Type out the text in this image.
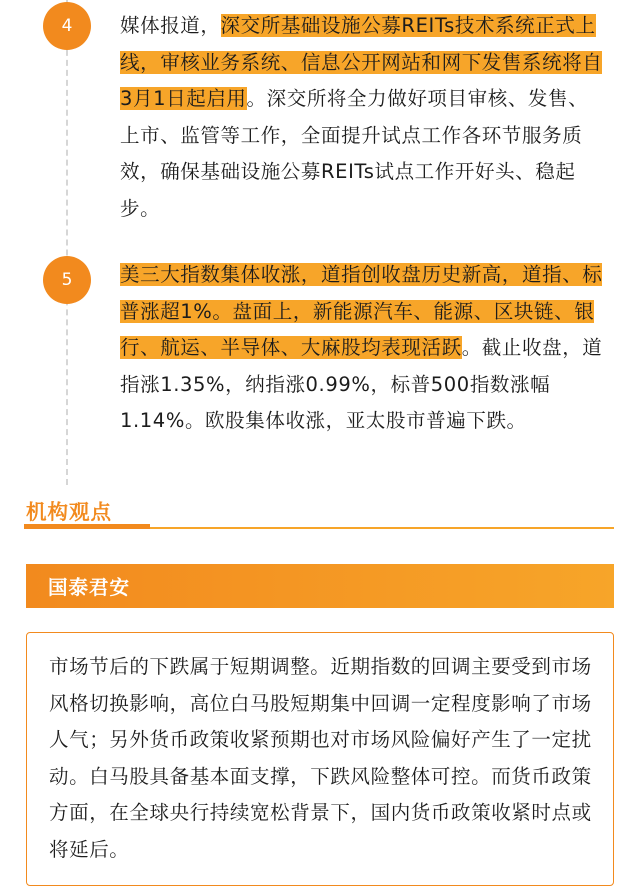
4 媒体报道，深交所基础设施公募REITs技术系统正式上线，审核业务系统、信息公开网站和网下发售系统将自3月1日起启用。深交所将全力做好项目审核、发售、上市、监管等工作，全面提升试点工作各环节服务质效，确保基础设施公募REITs试点工作开好头、稳起步。
5 美三大指数集体收涨，道指创收盘历史新高，道指、标普涨超1%。盘面上，新能源汽车、能源、区块链、银行、航运、半导体、大麻股均表现活跃。截止收盘，道指涨1.35%，纳指涨0.99%，标普500指数涨幅1.14%。欧股集体收涨，亚太股市普遍下跌。
机构观点
国泰君安
市场节后的下跌属于短期调整。近期指数的回调主要受到市场风格切换影响，高位白马股短期集中回调一定程度影响了市场人气；另外货币政策收紧预期也对市场风险偏好产生了一定扰动。白马股具备基本面支撑，下跌风险整体可控。而货币政策方面，在全球央行持续宽松背景下，国内货币政策收紧时点或将延后。
